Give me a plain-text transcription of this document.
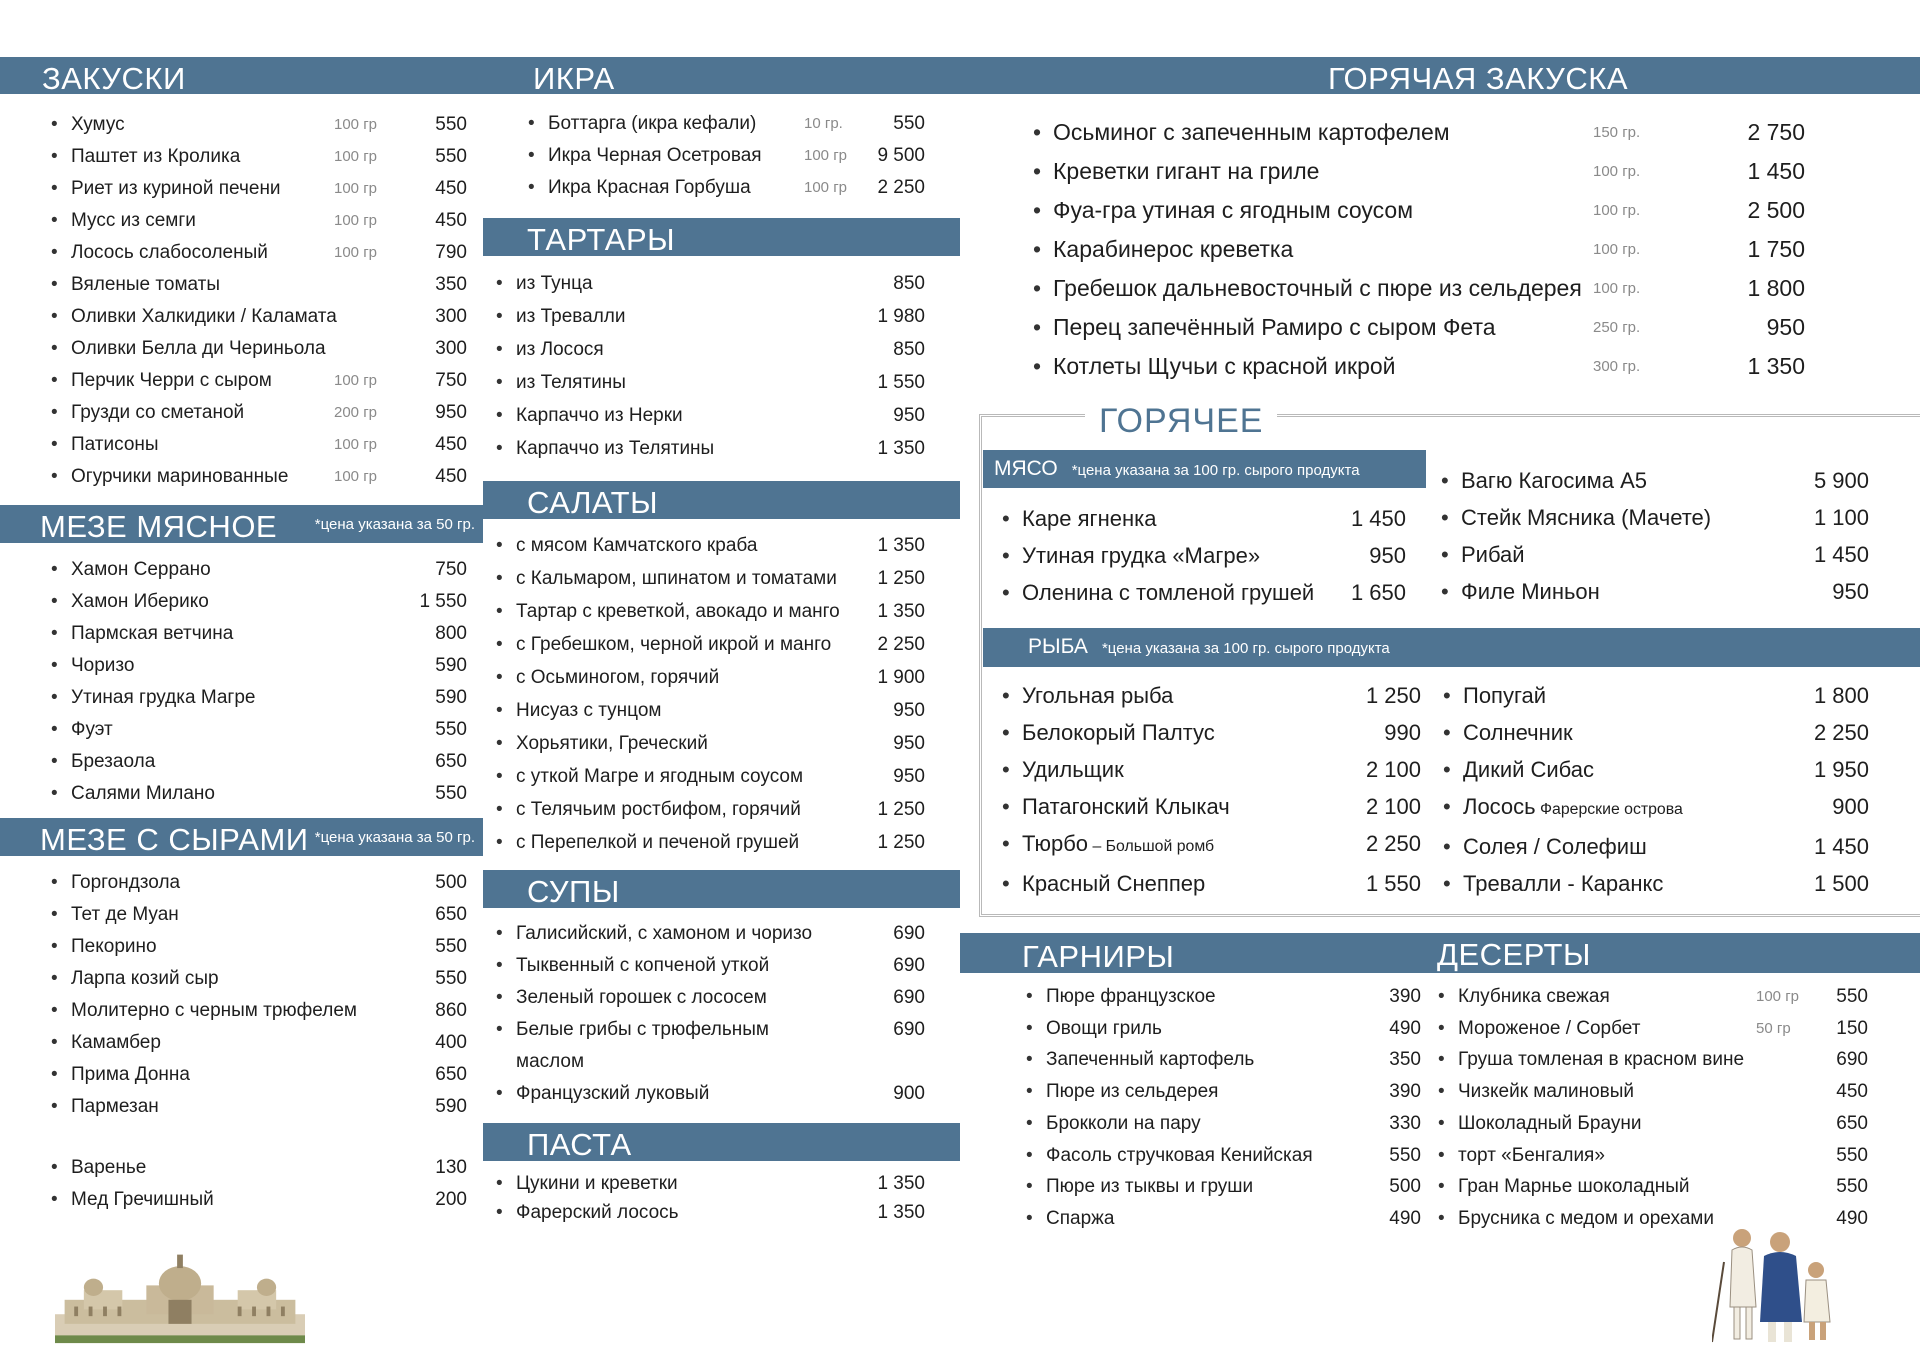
ЗАКУСКИ
• Хумус	100 гр	550
• Паштет из Кролика	100 гр	550
• Риет из куриной печени	100 гр	450
• Мусс из семги	100 гр	450
• Лосось слабосоленый	100 гр	790
• Вяленые томаты	350
• Оливки Халкидики / Каламата	300
• Оливки Белла ди Чериньола	300
• Перчик Черри с сыром	100 гр	750
• Грузди со сметаной	200 гр	950
• Патисоны	100 гр	450
• Огурчики маринованные	100 гр	450
МЕЗЕ МЯСНОЕ	*цена указана за 50 гр.
• Хамон Серрано	750
• Хамон Иберико	1 550
• Пармская ветчина	800
• Чоризо	590
• Утиная грудка Магре	590
• Фуэт	550
• Брезаола	650
• Салями Милано	550
МЕЗЕ С СЫРАМИ *цена указана за 50 гр.
• Горгондзола	500
• Тет де Муан	650
• Пекорино	550
• Ларпа козий сыр	550
• Молитерно с черным трюфелем	860
• Камамбер	400
• Прима Донна	650
• Пармезан	590
• Варенье	130
• Мед Гречишный	200
ИКРА
• Боттарга (икра кефали)	10 гр.	550
• Икра Черная Осетровая	100 гр 9 500
• Икра Красная Горбуша	100 гр 2 250
ТАРТАРЫ
• из Тунца	850
• из Тревалли	1 980
• из Лосося	850
• из Телятины	1 550
• Карпаччо из Нерки	950
• Карпаччо из Телятины	1 350
САЛАТЫ
• с мясом Камчатского краба	1 350
• с Кальмаром, шпинатом и томатами 1 250
• Тартар с креветкой, авокадо и манго 1 350
• с Гребешком, черной икрой и манго 2 250
• с Осьминогом, горячий	1 900
• Нисуаз с тунцом	950
• Хорьятики, Греческий	950
• с уткой Магре и ягодным соусом	950
• с Телячьим ростбифом, горячий	1 250
• с Перепелкой и печеной грушей	1 250
СУПЫ
• Галисийский, с хамоном и чоризо	690
• Тыквенный с копченой уткой	690
• Зеленый горошек с лососем	690
• Белые грибы с трюфельным	690
маслом
• Французский луковый	900
ПАСТА
• Цукини и креветки	1 350
• Фарерский лосось	1 350
ГОРЯЧАЯ ЗАКУСКА
• Осьминог с запеченным картофелем	150 гр.	2 750
• Креветки гигант на гриле	100 гр.	1 450
• Фуа-гра утиная с ягодным соусом	100 гр.	2 500
• Карабинерос креветка	100 гр.	1 750
• Гребешок дальневосточный с пюре из сельдерея 100 гр.	1 800
• Перец запечённый Рамиро с сыром Фета	250 гр.	950
• Котлеты Щучьи с красной икрой	300 гр.	1 350
ГОРЯЧЕЕ
МЯСО *цена указана за 100 гр. сырого продукта
• Каре ягненка	1 450
• Утиная грудка «Магре»	950
• Оленина с томленой грушей 1 650
• Вагю Кагосима А5	5 900
• Стейк Мясника (Мачете)	1 100
• Рибай	1 450
• Филе Миньон	950
РЫБА *цена указана за 100 гр. сырого продукта
• Угольная рыба	1 250
• Белокорый Палтус	990
• Удильщик	2 100
• Патагонский Клыкач	2 100
• Тюрбо – Большой ромб	2 250
• Красный Снеппер	1 550
• Попугай	1 800
• Солнечник	2 250
• Дикий Сибас	1 950
• Лосось Фарерские острова	900
• Солея / Солефиш	1 450
• Тревалли - Каранкс	1 500
ГАРНИРЫ	ДЕСЕРТЫ
• Пюре французское	390
• Овощи гриль	490
• Запеченный картофель	350
• Пюре из сельдерея	390
• Брокколи на пару	330
• Фасоль стручковая Кенийская	550
• Пюре из тыквы и груши	500
• Спаржа	490
• Клубника свежая	100 гр 550
• Мороженое / Сорбет	50 гр 150
• Груша томленая в красном вине	690
• Чизкейк малиновый	450
• Шоколадный Брауни	650
• торт «Бенгалия»	550
• Гран Марнье шоколадный	550
• Брусника с медом и орехами	490
